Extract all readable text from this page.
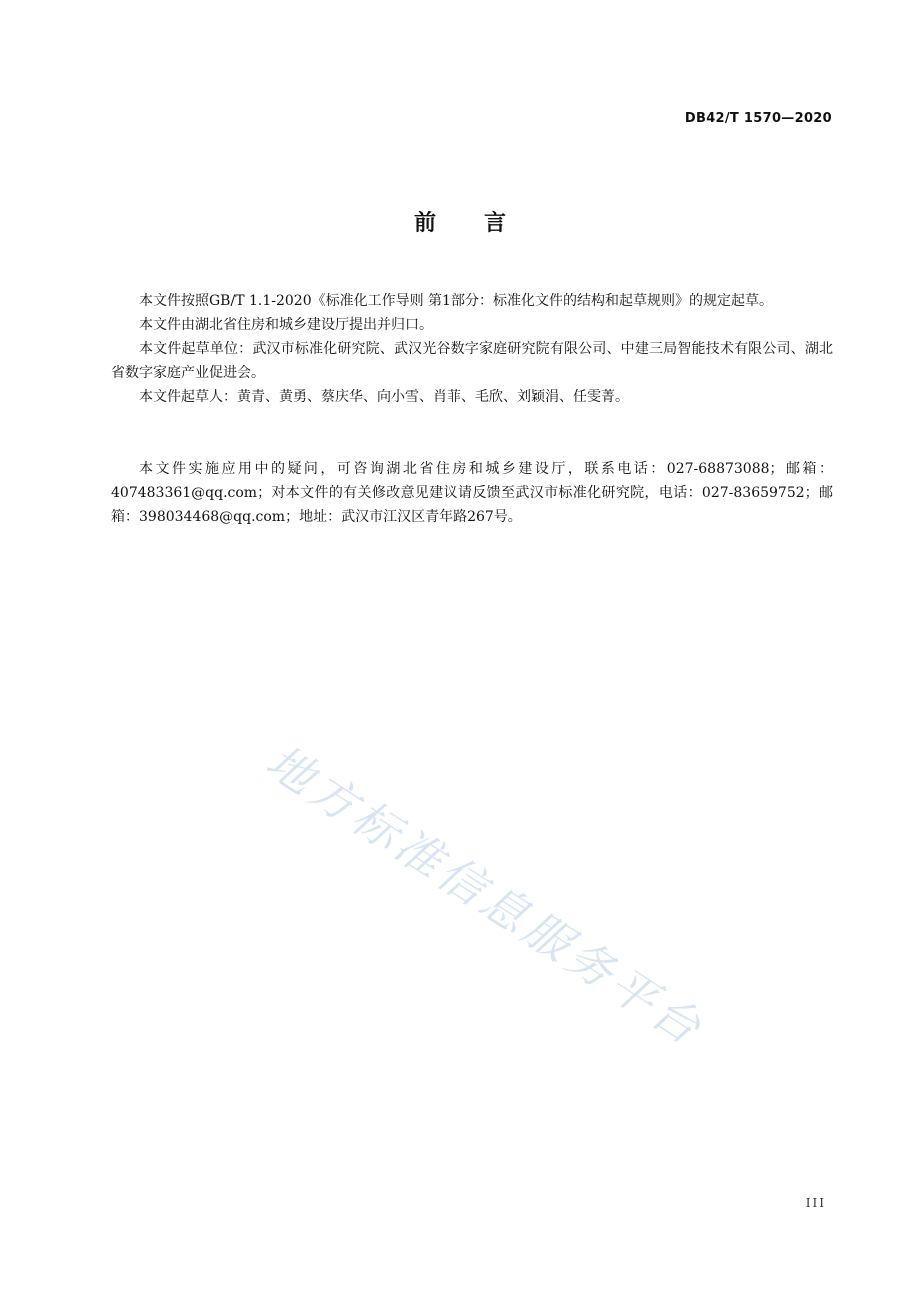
DB42/T 1570—2020
前言

本文件按照GB/T 1.1-2020《标准化工作导则 第1部分：标准化文件的结构和起草规则》的规定起草。

本文件由湖北省住房和城乡建设厅提出并归口。

本文件起草单位：武汉市标准化研究院、武汉光谷数字家庭研究院有限公司、中建三局智能技术有限公司、湖北省数字家庭产业促进会。

本文件起草人：黄青、黄勇、蔡庆华、向小雪、肖菲、毛欣、刘颖涓、任雯菁。

本文件实施应用中的疑问，可咨询湖北省住房和城乡建设厅，联系电话：027-68873088；邮箱：407483361@qq.com；对本文件的有关修改意见建议请反馈至武汉市标准化研究院，电话：027-83659752；邮箱：398034468@qq.com；地址：武汉市江汉区青年路267号。

地方标准信息服务平台
III
